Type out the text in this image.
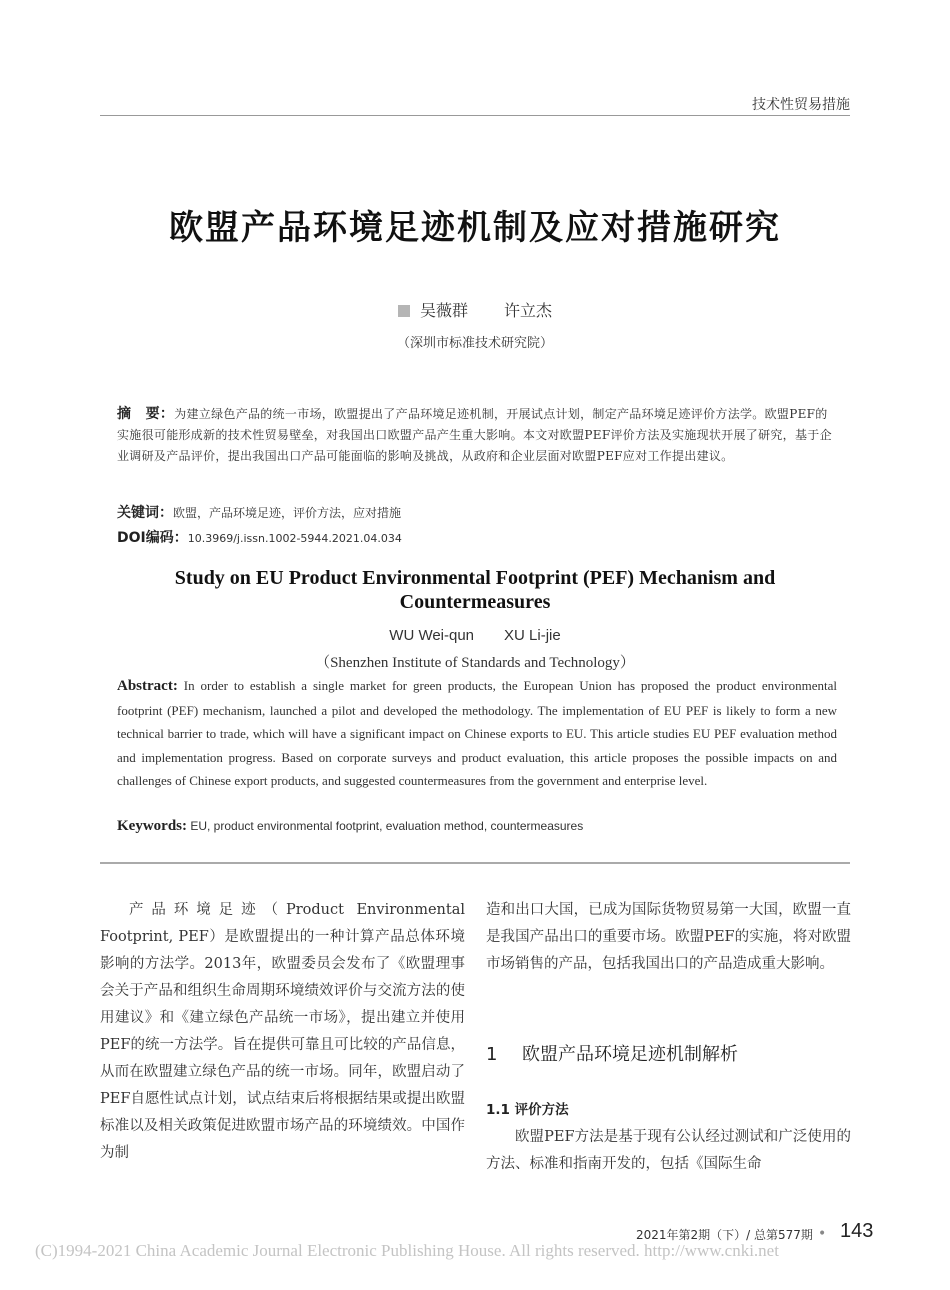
技术性贸易措施
欧盟产品环境足迹机制及应对措施研究
吴薇群 许立杰
（深圳市标准技术研究院）
摘　要：为建立绿色产品的统一市场，欧盟提出了产品环境足迹机制，开展试点计划，制定产品环境足迹评价方法学。欧盟PEF的实施很可能形成新的技术性贸易壁垒，对我国出口欧盟产品产生重大影响。本文对欧盟PEF评价方法及实施现状开展了研究，基于企业调研及产品评价，提出我国出口产品可能面临的影响及挑战，从政府和企业层面对欧盟PEF应对工作提出建议。
关键词：欧盟，产品环境足迹，评价方法，应对措施
DOI编码：10.3969/j.issn.1002-5944.2021.04.034
Study on EU Product Environmental Footprint (PEF) Mechanism and Countermeasures
WU Wei-qun XU Li-jie
（Shenzhen Institute of Standards and Technology）
Abstract: In order to establish a single market for green products, the European Union has proposed the product environmental footprint (PEF) mechanism, launched a pilot and developed the methodology. The implementation of EU PEF is likely to form a new technical barrier to trade, which will have a significant impact on Chinese exports to EU. This article studies EU PEF evaluation method and implementation progress. Based on corporate surveys and product evaluation, this article proposes the possible impacts on and challenges of Chinese export products, and suggested countermeasures from the government and enterprise level.
Keywords: EU, product environmental footprint, evaluation method, countermeasures

产品环境足迹（Product Environmental Footprint, PEF）是欧盟提出的一种计算产品总体环境影响的方法学。2013年，欧盟委员会发布了《欧盟理事会关于产品和组织生命周期环境绩效评价与交流方法的使用建议》和《建立绿色产品统一市场》，提出建立并使用PEF的统一方法学。旨在提供可靠且可比较的产品信息，从而在欧盟建立绿色产品的统一市场。同年，欧盟启动了PEF自愿性试点计划，试点结束后将根据结果或提出欧盟标准以及相关政策促进欧盟市场产品的环境绩效。中国作为制

造和出口大国，已成为国际货物贸易第一大国，欧盟一直是我国产品出口的重要市场。欧盟PEF的实施，将对欧盟市场销售的产品，包括我国出口的产品造成重大影响。

1 欧盟产品环境足迹机制解析
1.1 评价方法

欧盟PEF方法是基于现有公认经过测试和广泛使用的方法、标准和指南开发的，包括《国际生命

2021年第2期（下）/ 总第577期 • 143
(C)1994-2021 China Academic Journal Electronic Publishing House. All rights reserved. http://www.cnki.net
